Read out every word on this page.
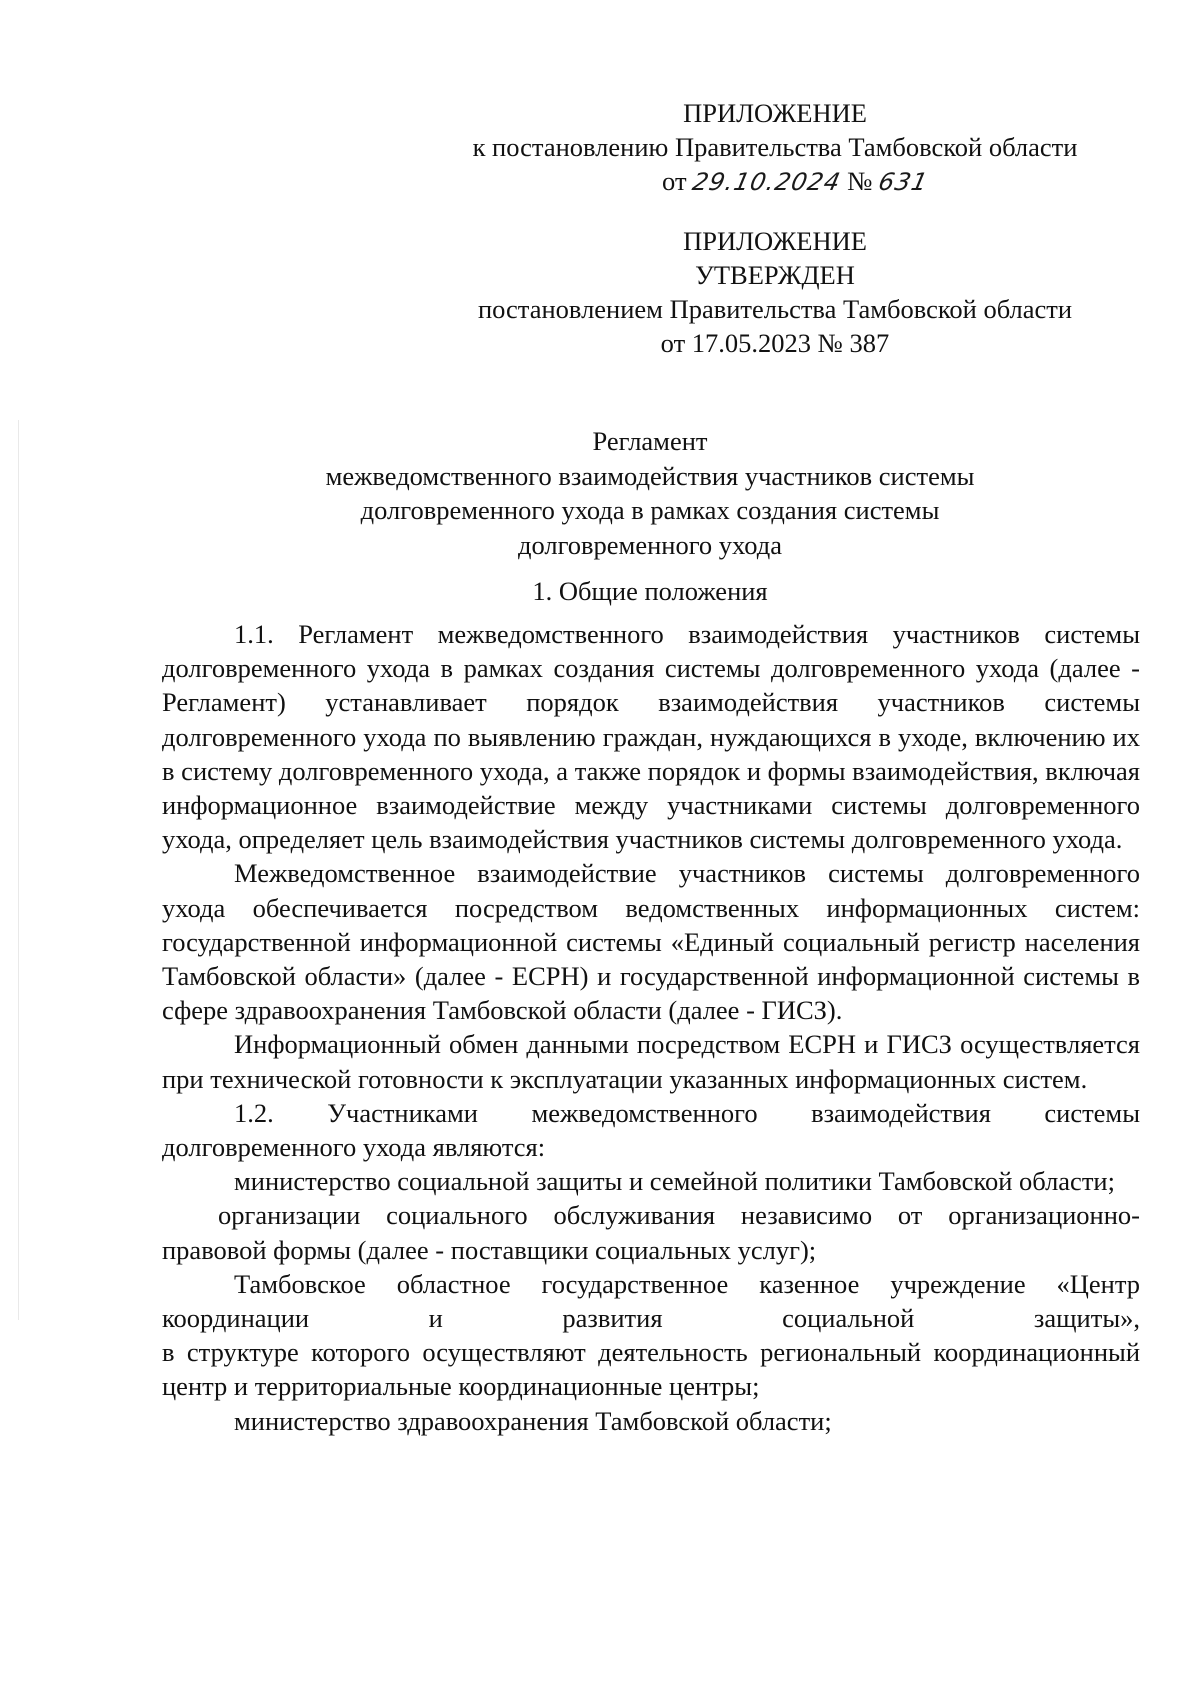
ПРИЛОЖЕНИЕ
к постановлению Правительства Тамбовской области
от 29.10.2024 № 631
ПРИЛОЖЕНИЕ
УТВЕРЖДЕН
постановлением Правительства Тамбовской области
от 17.05.2023 № 387
Регламент
межведомственного взаимодействия участников системы
долговременного ухода в рамках создания системы
долговременного ухода
1. Общие положения

1.1. Регламент межведомственного взаимодействия участников системы долговременного ухода в рамках создания системы долговременного ухода (далее - Регламент) устанавливает порядок взаимодействия участников системы долговременного ухода по выявлению граждан, нуждающихся в уходе, включению их в систему долговременного ухода, а также порядок и формы взаимодействия, включая информационное взаимодействие между участниками системы долговременного ухода, определяет цель взаимодействия участников системы долговременного ухода.

Межведомственное взаимодействие участников системы долговременного ухода обеспечивается посредством ведомственных информационных систем: государственной информационной системы «Единый социальный регистр населения Тамбовской области» (далее - ЕСРН) и государственной информационной системы в сфере здравоохранения Тамбовской области (далее - ГИСЗ).

Информационный обмен данными посредством ЕСРН и ГИСЗ осуществляется при технической готовности к эксплуатации указанных информационных систем.

1.2. Участниками межведомственного взаимодействия системы долговременного ухода являются:

министерство социальной защиты и семейной политики Тамбовской области;

организации социального обслуживания независимо от организационно-правовой формы (далее - поставщики социальных услуг);

Тамбовское областное государственное казенное учреждение «Центр координации и развития социальной защиты»,

в структуре которого осуществляют деятельность региональный координационный центр и территориальные координационные центры;

министерство здравоохранения Тамбовской области;
